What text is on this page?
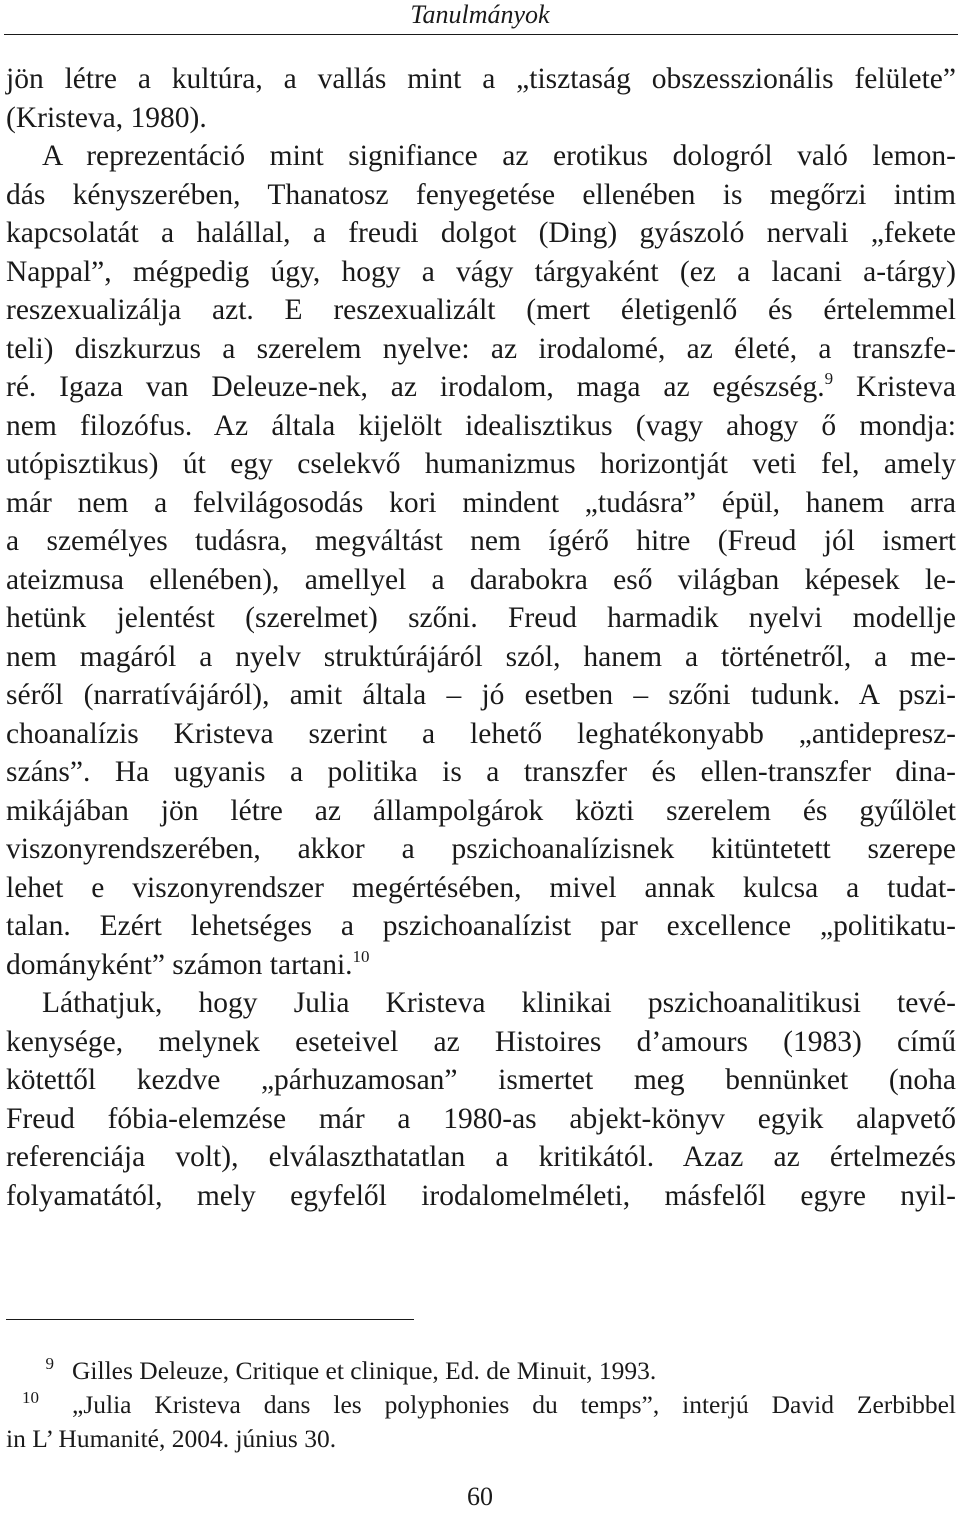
Tanulmányok
jön létre a kultúra, a vallás mint a „tisztaság obszesszionális felülete”
(Kristeva, 1980).
A reprezentáció mint signifiance az erotikus dologról való lemon-
dás kényszerében, Thanatosz fenyegetése ellenében is megőrzi intim
kapcsolatát a halállal, a freudi dolgot (Ding) gyászoló nervali „fekete
Nappal”, mégpedig úgy, hogy a vágy tárgyaként (ez a lacani a-tárgy)
reszexualizálja azt. E reszexualizált (mert életigenlő és értelemmel
teli) diszkurzus a szerelem nyelve: az irodalomé, az életé, a transzfe-
ré. Igaza van Deleuze-nek, az irodalom, maga az egészség.$^9$ Kristeva
nem filozófus. Az általa kijelölt idealisztikus (vagy ahogy ő mondja:
utópisztikus) út egy cselekvő humanizmus horizontját veti fel, amely
már nem a felvilágosodás kori mindent „tudásra” épül, hanem arra
a személyes tudásra, megváltást nem ígérő hitre (Freud jól ismert
ateizmusa ellenében), amellyel a darabokra eső világban képesek le-
hetünk jelentést (szerelmet) szőni. Freud harmadik nyelvi modellje
nem magáról a nyelv struktúrájáról szól, hanem a történetről, a me-
séről (narratívájáról), amit általa – jó esetben – szőni tudunk. A pszi-
choanalízis Kristeva szerint a lehető leghatékonyabb „antidepresz-
száns”. Ha ugyanis a politika is a transzfer és ellen-transzfer dina-
mikájában jön létre az állampolgárok közti szerelem és gyűlölet
viszonyrendszerében, akkor a pszichoanalízisnek kitüntetett szerepe
lehet e viszonyrendszer megértésében, mivel annak kulcsa a tudat-
talan. Ezért lehetséges a pszichoanalízist par excellence „politikatu-
dományként” számon tartani.$^{10}$
Láthatjuk, hogy Julia Kristeva klinikai pszichoanalitikusi tevé-
kenysége, melynek eseteivel az Histoires d’amours (1983) című
kötettől kezdve „párhuzamosan” ismertet meg bennünket (noha
Freud fóbia-elemzése már a 1980-as abjekt-könyv egyik alapvető
referenciája volt), elválaszthatatlan a kritikától. Azaz az értelmezés
folyamatától, mely egyfelől irodalomelméleti, másfelől egyre nyil-
9 Gilles Deleuze, Critique et clinique, Ed. de Minuit, 1993.
10 „Julia Kristeva dans les polyphonies du temps”, interjú David Zerbibbel
in L’ Humanité, 2004. június 30.
60
